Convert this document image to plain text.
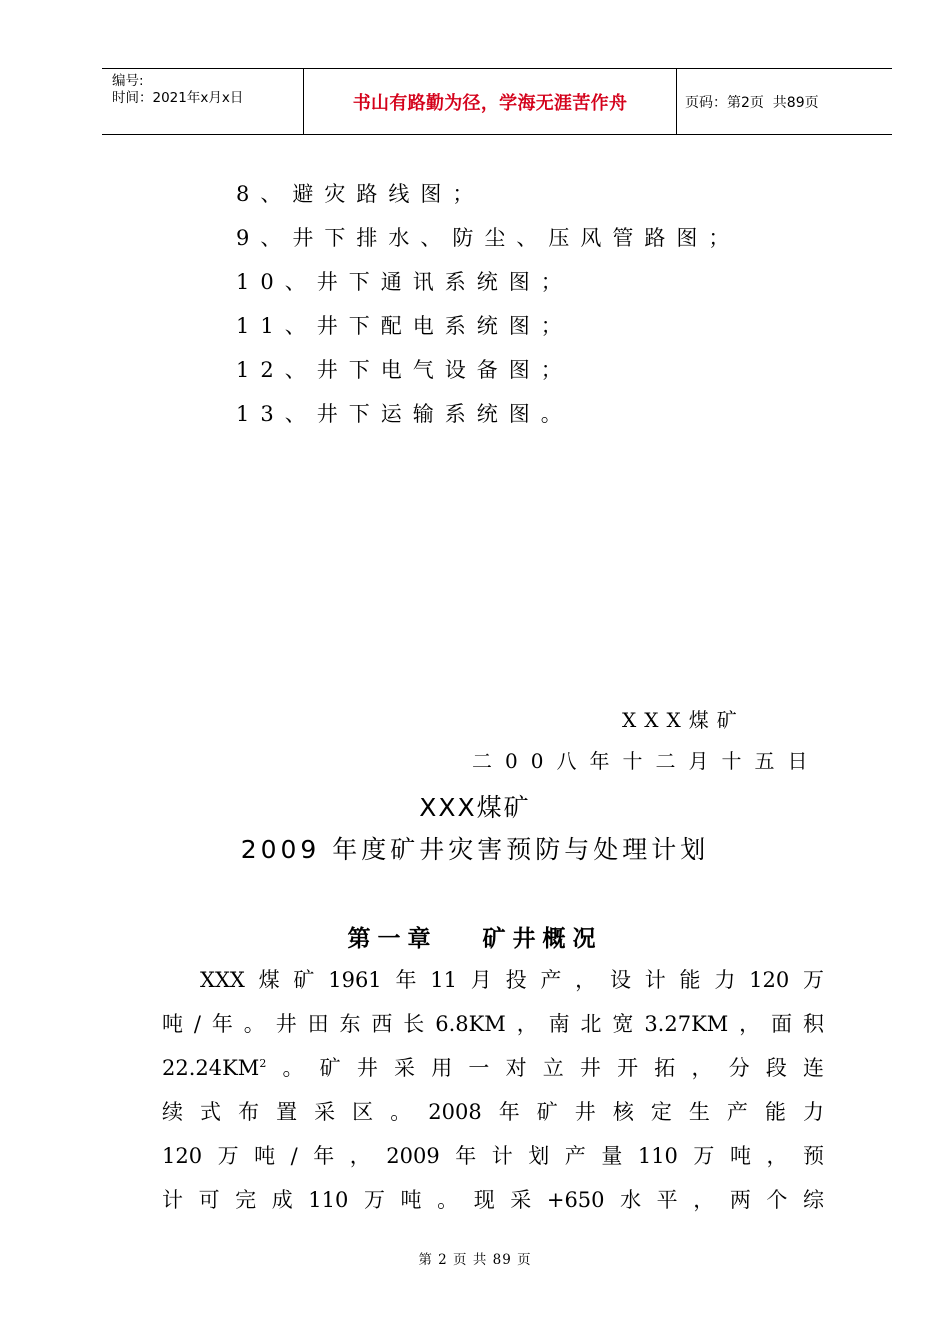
编号:
时间：2021年x月x日	书山有路勤为径，学海无涯苦作舟	页码：第2页  共89页
8、避灾路线图；
9、井下排水、防尘、压风管路图；
10、井下通讯系统图；
11、井下配电系统图；
12、井下电气设备图；
13、井下运输系统图。
XXX煤矿
二00八年十二月十五日
XXX煤矿
2009 年度矿井灾害预防与处理计划
第一章   矿井概况
XXX煤矿1961年11月投产，设计能力120万
吨/年。井田东西长6.8KM，南北宽3.27KM，面积
$22.24KM^2$。矿井采用一对立井开拓，分段连
续式布置采区。2008年矿井核定生产能力
120万吨/年，2009年计划产量110万吨，预
计可完成110万吨。现采+650水平，两个综
第 2 页 共 89 页
